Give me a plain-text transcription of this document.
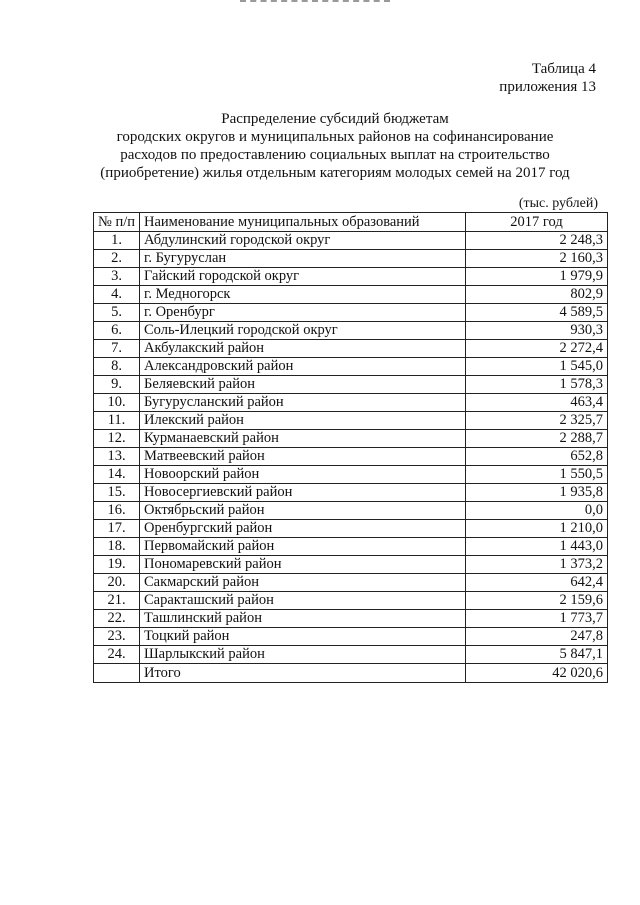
Таблица 4
приложения 13
Распределение субсидий бюджетам
городских округов и муниципальных районов на софинансирование
расходов по предоставлению социальных выплат на строительство
(приобретение) жилья отдельным категориям молодых семей на 2017 год
(тыс. рублей)
№ п/п	Наименование муниципальных образований	2017 год
1.	Абдулинский городской округ	2 248,3
2.	г. Бугуруслан	2 160,3
3.	Гайский городской округ	1 979,9
4.	г. Медногорск	802,9
5.	г. Оренбург	4 589,5
6.	Соль-Илецкий городской округ	930,3
7.	Акбулакский район	2 272,4
8.	Александровский район	1 545,0
9.	Беляевский район	1 578,3
10.	Бугурусланский район	463,4
11.	Илекский район	2 325,7
12.	Курманаевский район	2 288,7
13.	Матвеевский район	652,8
14.	Новоорский район	1 550,5
15.	Новосергиевский район	1 935,8
16.	Октябрьский район	0,0
17.	Оренбургский район	1 210,0
18.	Первомайский район	1 443,0
19.	Пономаревский район	1 373,2
20.	Сакмарский район	642,4
21.	Саракташский район	2 159,6
22.	Ташлинский район	1 773,7
23.	Тоцкий район	247,8
24.	Шарлыкский район	5 847,1
	Итого	42 020,6
